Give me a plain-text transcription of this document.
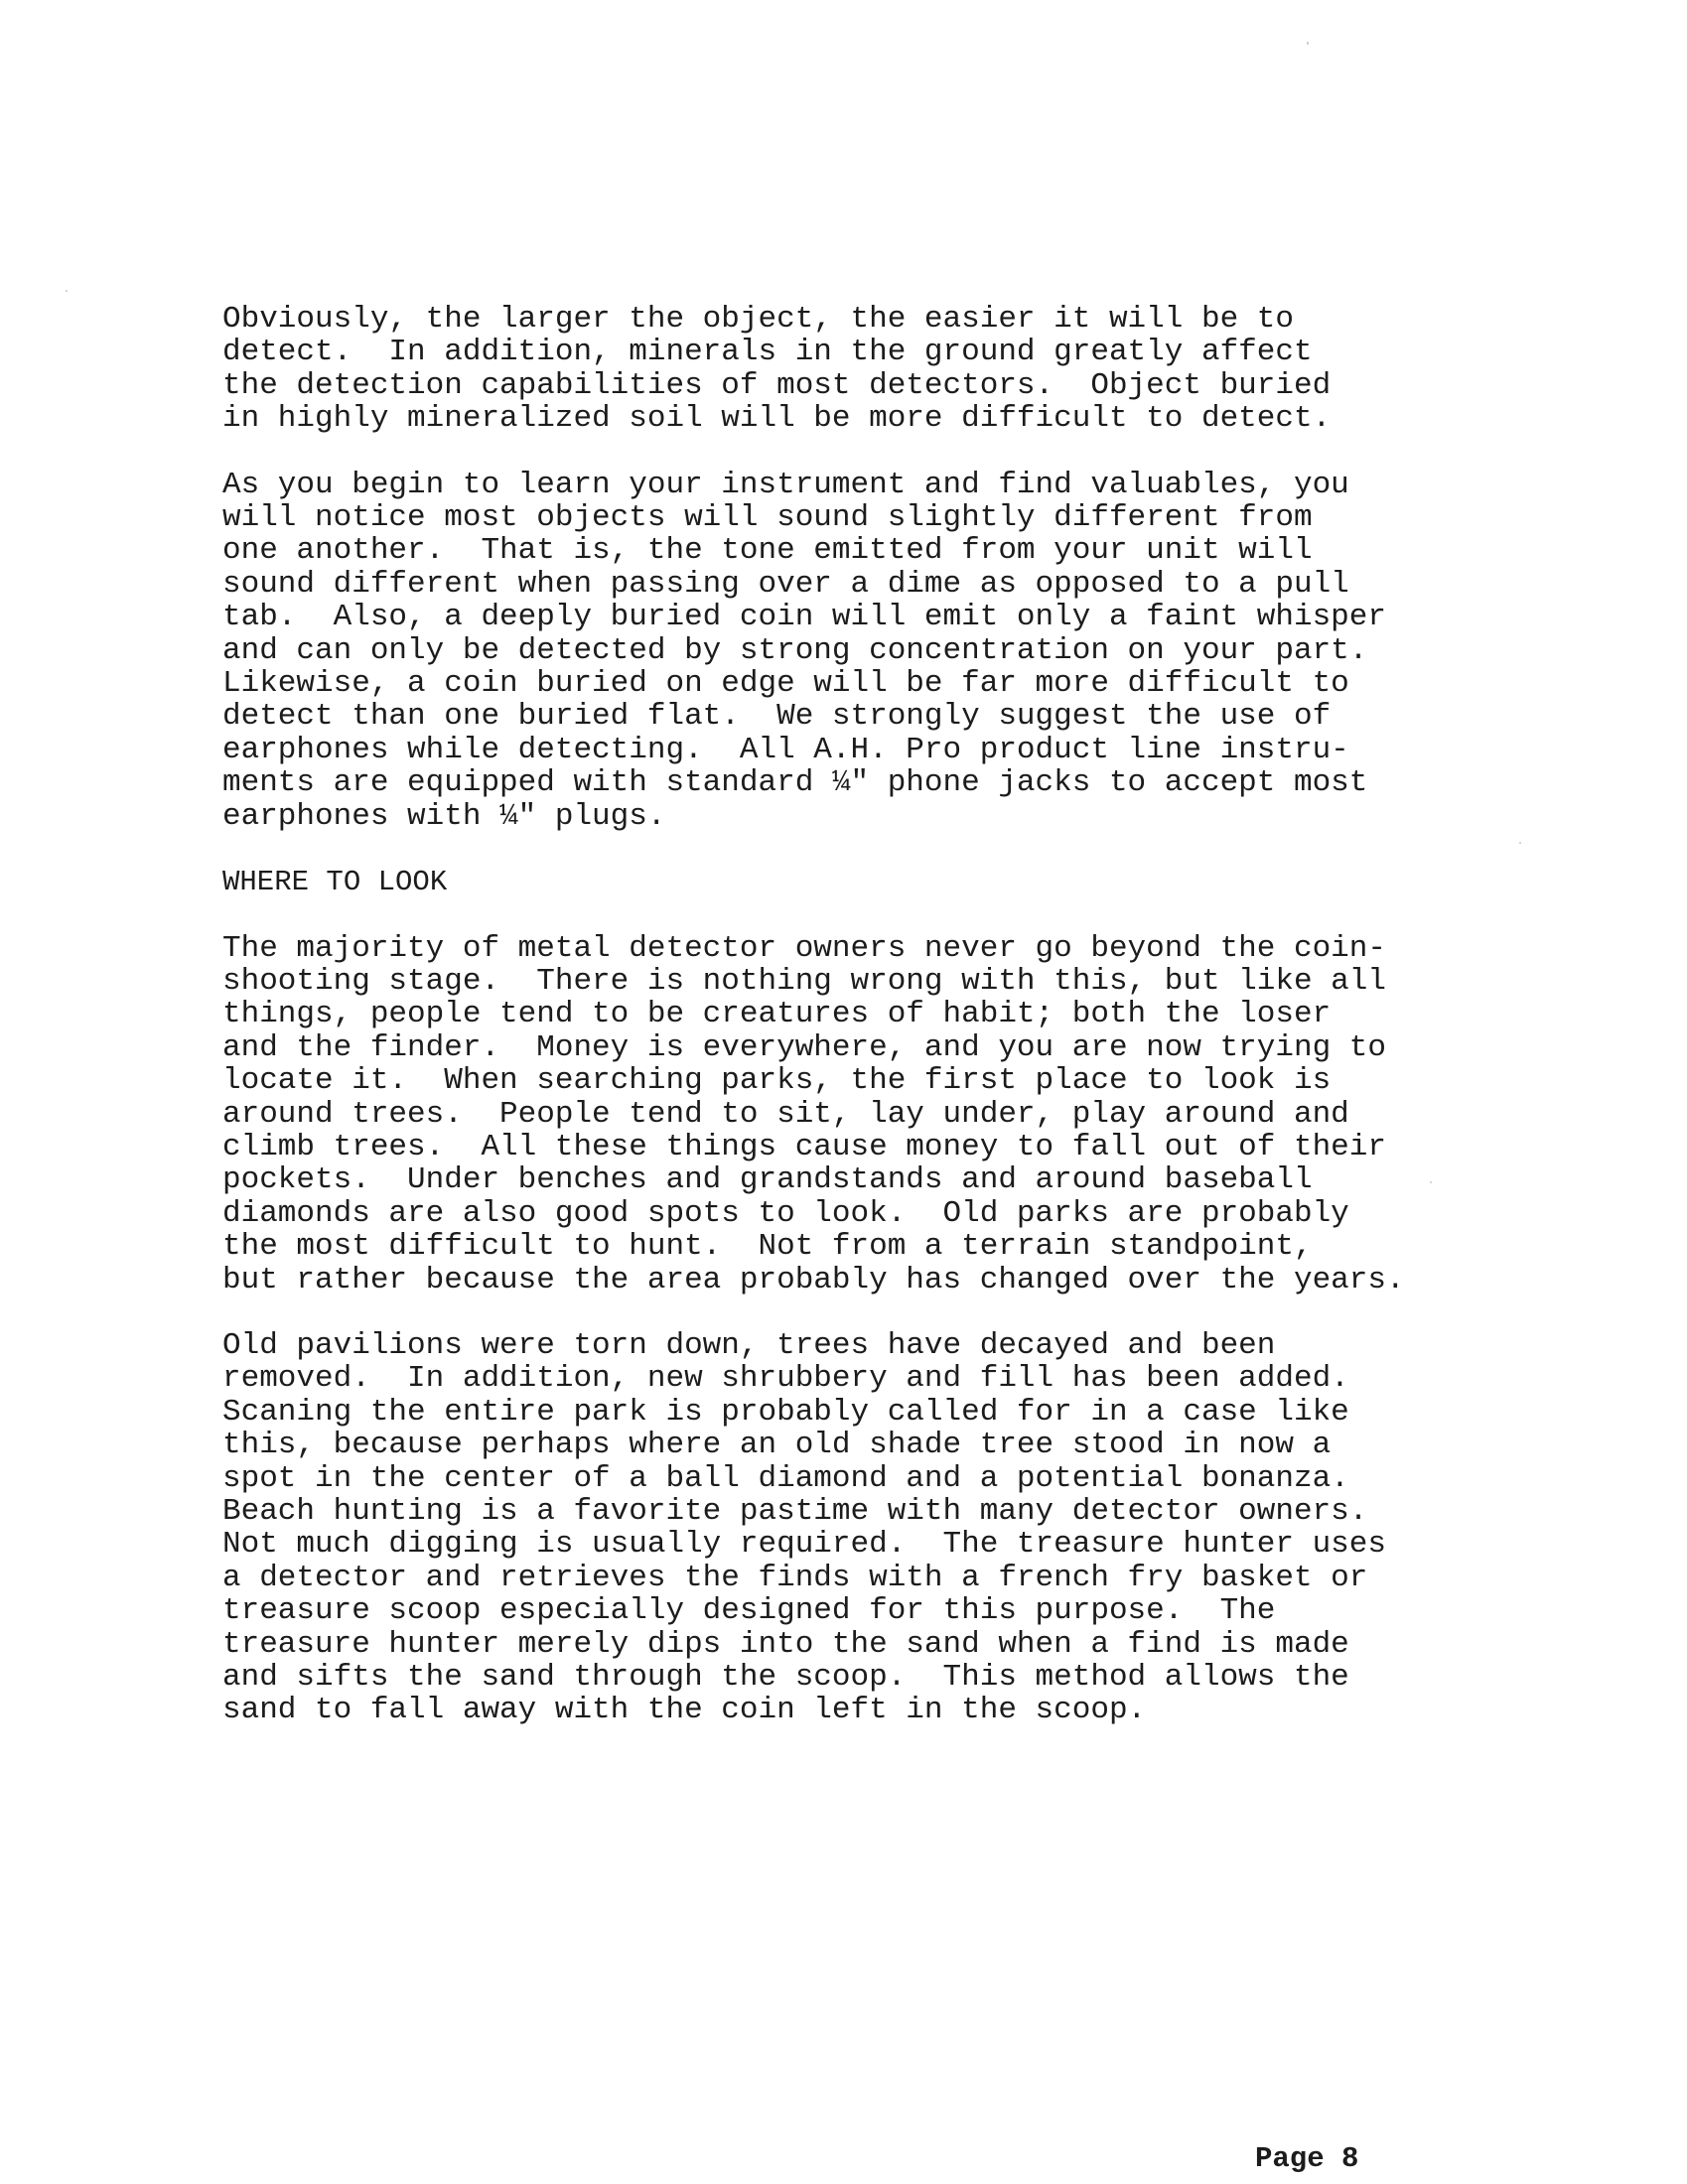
Obviously, the larger the object, the easier it will be to
detect.  In addition, minerals in the ground greatly affect
the detection capabilities of most detectors.  Object buried
in highly mineralized soil will be more difficult to detect.
As you begin to learn your instrument and find valuables, you
will notice most objects will sound slightly different from
one another.  That is, the tone emitted from your unit will
sound different when passing over a dime as opposed to a pull
tab.  Also, a deeply buried coin will emit only a faint whisper
and can only be detected by strong concentration on your part.
Likewise, a coin buried on edge will be far more difficult to
detect than one buried flat.  We strongly suggest the use of
earphones while detecting.  All A.H. Pro product line instru-
ments are equipped with standard ¼" phone jacks to accept most
earphones with ¼" plugs.
WHERE TO LOOK
The majority of metal detector owners never go beyond the coin-
shooting stage.  There is nothing wrong with this, but like all
things, people tend to be creatures of habit; both the loser
and the finder.  Money is everywhere, and you are now trying to
locate it.  When searching parks, the first place to look is
around trees.  People tend to sit, lay under, play around and
climb trees.  All these things cause money to fall out of their
pockets.  Under benches and grandstands and around baseball
diamonds are also good spots to look.  Old parks are probably
the most difficult to hunt.  Not from a terrain standpoint,
but rather because the area probably has changed over the years.
Old pavilions were torn down, trees have decayed and been
removed.  In addition, new shrubbery and fill has been added.
Scaning the entire park is probably called for in a case like
this, because perhaps where an old shade tree stood in now a
spot in the center of a ball diamond and a potential bonanza.
Beach hunting is a favorite pastime with many detector owners.
Not much digging is usually required.  The treasure hunter uses
a detector and retrieves the finds with a french fry basket or
treasure scoop especially designed for this purpose.  The
treasure hunter merely dips into the sand when a find is made
and sifts the sand through the scoop.  This method allows the
sand to fall away with the coin left in the scoop.
Page 8
